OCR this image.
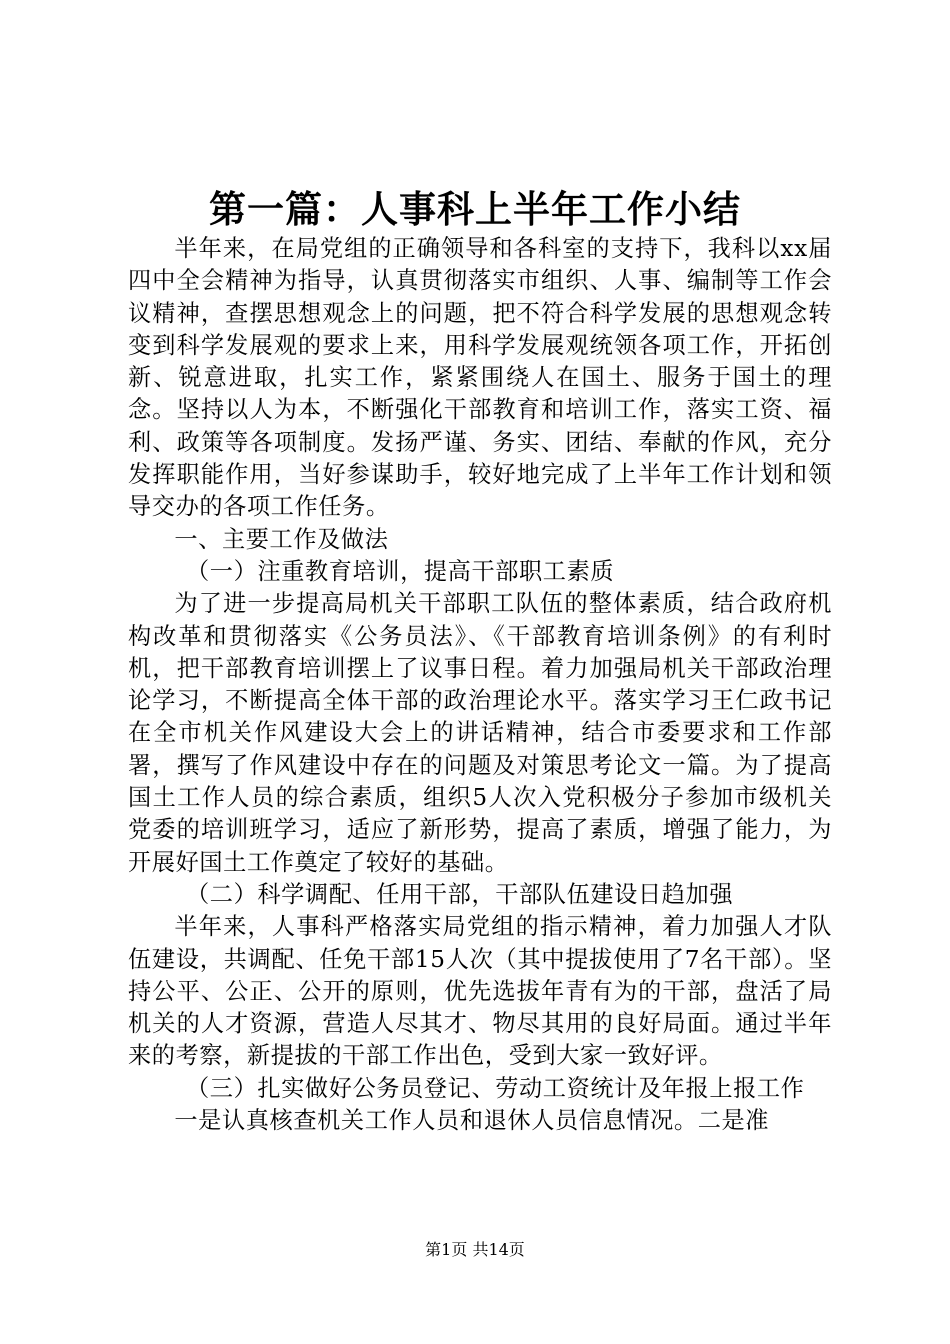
第一篇：人事科上半年工作小结

半年来，在局党组的正确领导和各科室的支持下，我科以xx届四中全会精神为指导，认真贯彻落实市组织、人事、编制等工作会议精神，查摆思想观念上的问题，把不符合科学发展的思想观念转变到科学发展观的要求上来，用科学发展观统领各项工作，开拓创新、锐意进取，扎实工作，紧紧围绕人在国土、服务于国土的理念。坚持以人为本，不断强化干部教育和培训工作，落实工资、福利、政策等各项制度。发扬严谨、务实、团结、奉献的作风，充分发挥职能作用，当好参谋助手，较好地完成了上半年工作计划和领导交办的各项工作任务。

一、主要工作及做法

（一）注重教育培训，提高干部职工素质

为了进一步提高局机关干部职工队伍的整体素质，结合政府机构改革和贯彻落实《公务员法》、《干部教育培训条例》的有利时机，把干部教育培训摆上了议事日程。着力加强局机关干部政治理论学习，不断提高全体干部的政治理论水平。落实学习王仁政书记在全市机关作风建设大会上的讲话精神，结合市委要求和工作部署，撰写了作风建设中存在的问题及对策思考论文一篇。为了提高国土工作人员的综合素质，组织5人次入党积极分子参加市级机关党委的培训班学习，适应了新形势，提高了素质，增强了能力，为开展好国土工作奠定了较好的基础。

（二）科学调配、任用干部，干部队伍建设日趋加强

半年来，人事科严格落实局党组的指示精神，着力加强人才队伍建设，共调配、任免干部15人次（其中提拔使用了7名干部）。坚持公平、公正、公开的原则，优先选拔年青有为的干部，盘活了局机关的人才资源，营造人尽其才、物尽其用的良好局面。通过半年来的考察，新提拔的干部工作出色，受到大家一致好评。

（三）扎实做好公务员登记、劳动工资统计及年报上报工作

一是认真核查机关工作人员和退休人员信息情况。二是准

第1页 共14页
